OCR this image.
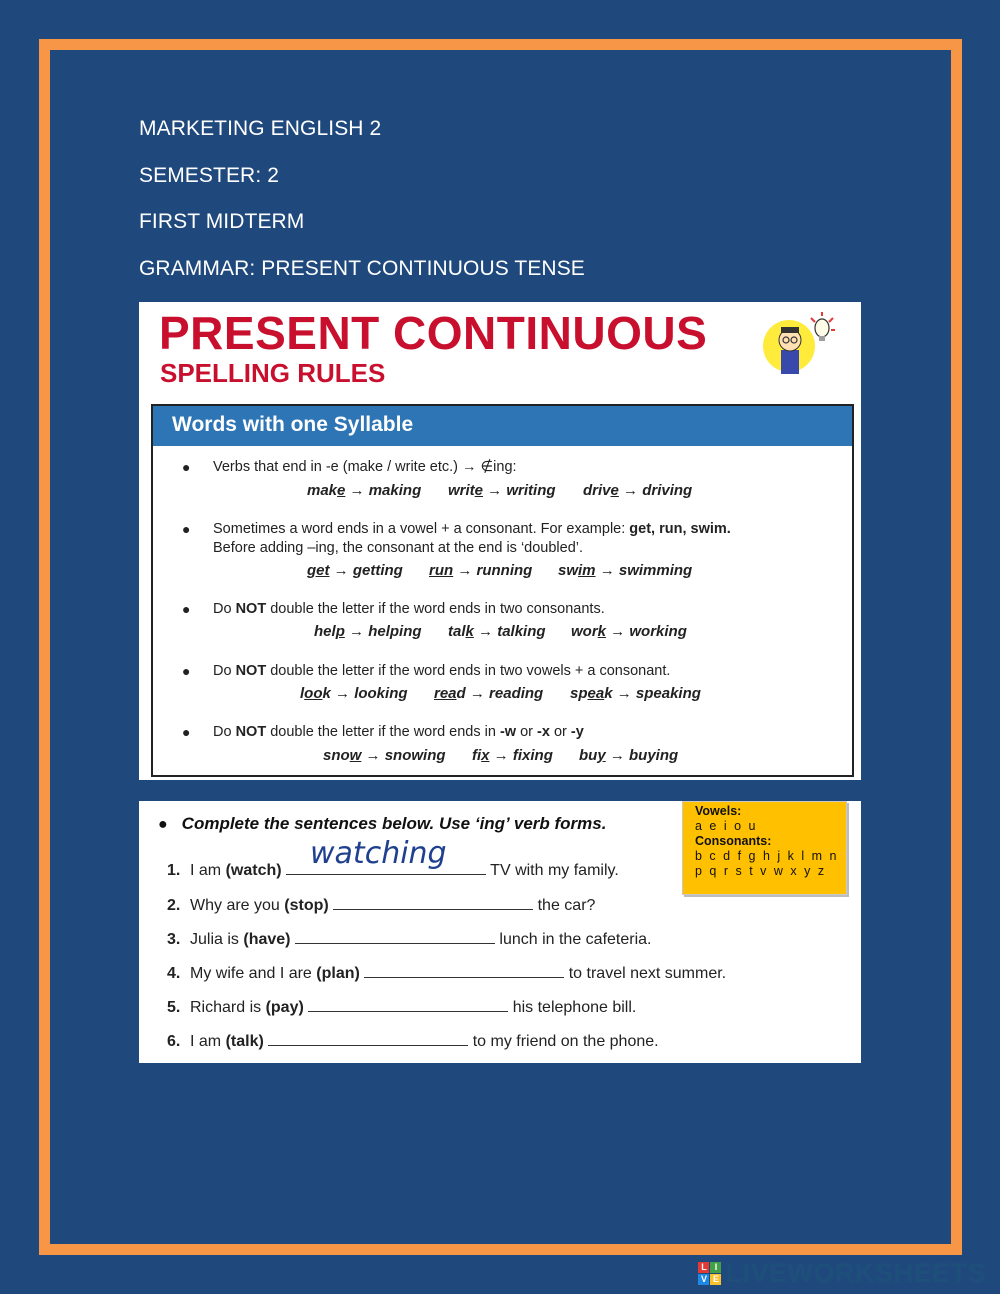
MARKETING ENGLISH 2
SEMESTER: 2
FIRST MIDTERM
GRAMMAR: PRESENT CONTINUOUS TENSE
PRESENT CONTINUOUS
SPELLING RULES
Words with one Syllable
● Verbs that end in -e (make / write etc.) → ∉ing:
make → making write → writing drive → driving
● Sometimes a word ends in a vowel + a consonant. For example: get, run, swim.
Before adding –ing, the consonant at the end is ‘doubled’.
get → getting run → running swim → swimming
● Do NOT double the letter if the word ends in two consonants.
help → helping talk → talking work → working
● Do NOT double the letter if the word ends in two vowels + a consonant.
look → looking read → reading speak → speaking
● Do NOT double the letter if the word ends in -w or -x or -y
snow → snowing fix → fixing buy → buying
● Complete the sentences below. Use ‘ing’ verb forms.
Vowels:
a e i o u
Consonants:
b c d f g h j k l m n
p q r s t v w x y z
1. I am (watch) watching TV with my family.
2. Why are you (stop)	the car?
3. Julia is (have)	lunch in the cafeteria.
4. My wife and I are (plan)	to travel next summer.
5. Richard is (pay)	his telephone bill.
6. I am (talk)	to my friend on the phone.
L I
V E LIVEWORKSHEETS
